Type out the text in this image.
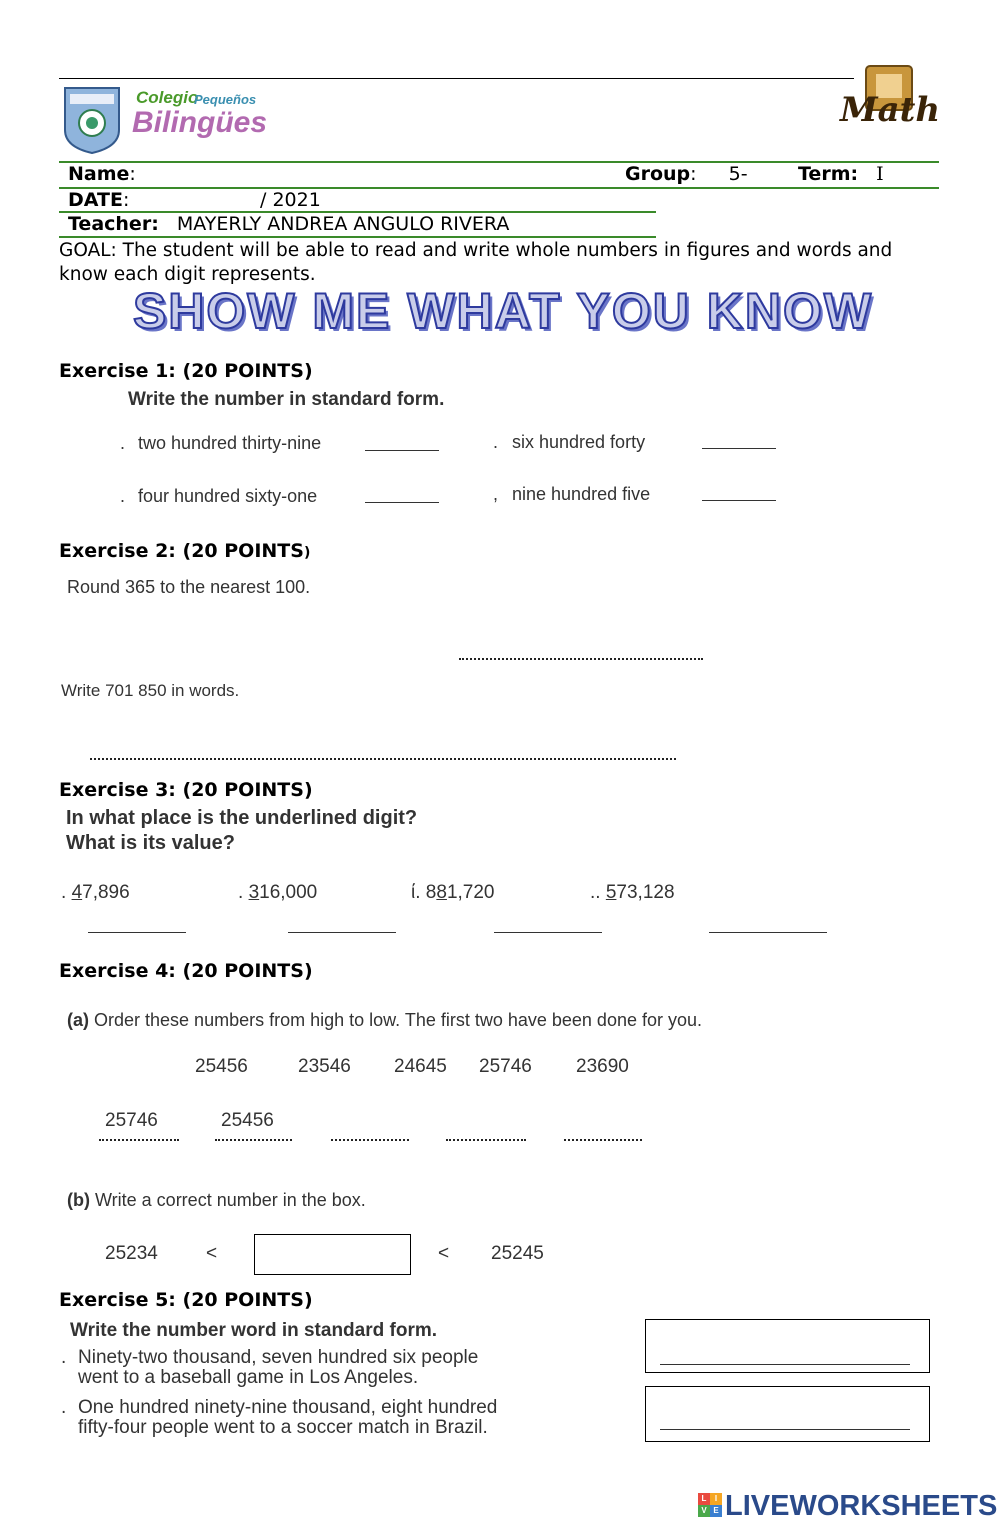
Colegio
Pequeños
Bilingües	Math
Name:	Group: 5-	Term: I
DATE:	/ 2021
Teacher: MAYERLY ANDREA ANGULO RIVERA
GOAL: The student will be able to read and write whole numbers in figures and words and
know each digit represents.
SHOW ME WHAT YOU KNOW
Exercise 1: (20 POINTS)
Write the number in standard form.
. two hundred thirty-nine	. six hundred forty
. four hundred sixty-one	, nine hundred five
Exercise 2: (20 POINTS)
Round 365 to the nearest 100.
Write 701 850 in words.
Exercise 3: (20 POINTS)
In what place is the underlined digit?
What is its value?
. 47,896	. 316,000	ί. 881,720	.. 573,128
Exercise 4: (20 POINTS)
(a) Order these numbers from high to low. The first two have been done for you.
25456	23546 24645 25746 23690
25746	25456
(b) Write a correct number in the box.
25234	<	< 25245
Exercise 5: (20 POINTS)
Write the number word in standard form.
. Ninety-two thousand, seven hundred six people
went to a baseball game in Los Angeles.
. One hundred ninety-nine thousand, eight hundred
fifty-four people went to a soccer match in Brazil.
L	I
V E LIVEWORKSHEETS
